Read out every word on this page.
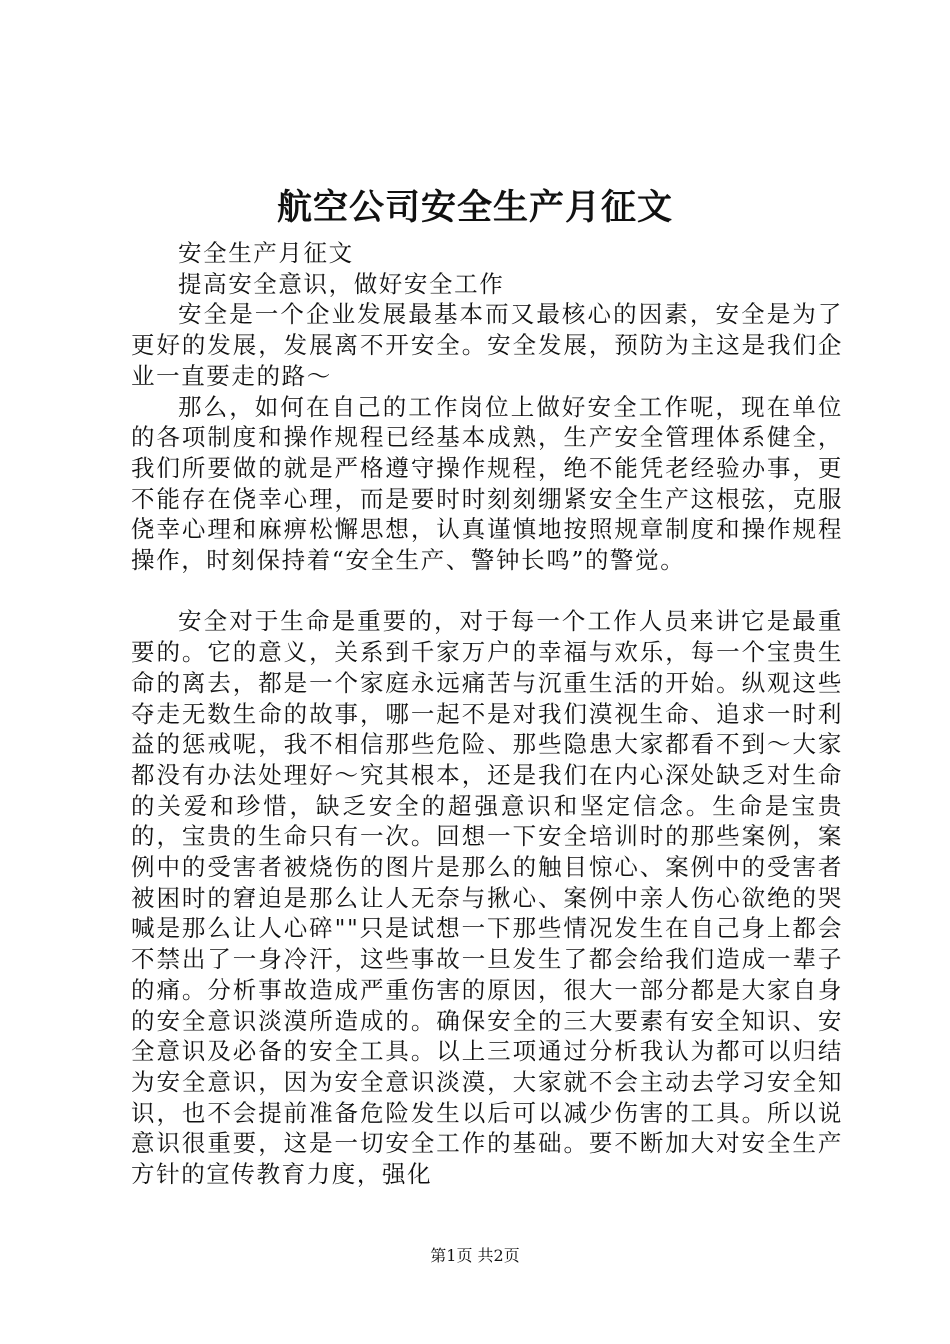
航空公司安全生产月征文

安全生产月征文

提高安全意识，做好安全工作

安全是一个企业发展最基本而又最核心的因素，安全是为了更好的发展，发展离不开安全。安全发展，预防为主这是我们企业一直要走的路～

那么，如何在自己的工作岗位上做好安全工作呢，现在单位的各项制度和操作规程已经基本成熟，生产安全管理体系健全，我们所要做的就是严格遵守操作规程，绝不能凭老经验办事，更不能存在侥幸心理，而是要时时刻刻绷紧安全生产这根弦，克服侥幸心理和麻痹松懈思想，认真谨慎地按照规章制度和操作规程操作，时刻保持着“安全生产、警钟长鸣”的警觉。

安全对于生命是重要的，对于每一个工作人员来讲它是最重要的。它的意义，关系到千家万户的幸福与欢乐，每一个宝贵生命的离去，都是一个家庭永远痛苦与沉重生活的开始。纵观这些夺走无数生命的故事，哪一起不是对我们漠视生命、追求一时利益的惩戒呢，我不相信那些危险、那些隐患大家都看不到～大家都没有办法处理好～究其根本，还是我们在内心深处缺乏对生命的关爱和珍惜，缺乏安全的超强意识和坚定信念。生命是宝贵的，宝贵的生命只有一次。回想一下安全培训时的那些案例，案例中的受害者被烧伤的图片是那么的触目惊心、案例中的受害者被困时的窘迫是那么让人无奈与揪心、案例中亲人伤心欲绝的哭喊是那么让人心碎""只是试想一下那些情况发生在自己身上都会不禁出了一身冷汗，这些事故一旦发生了都会给我们造成一辈子的痛。分析事故造成严重伤害的原因，很大一部分都是大家自身的安全意识淡漠所造成的。确保安全的三大要素有安全知识、安全意识及必备的安全工具。以上三项通过分析我认为都可以归结为安全意识，因为安全意识淡漠，大家就不会主动去学习安全知识，也不会提前准备危险发生以后可以减少伤害的工具。所以说意识很重要，这是一切安全工作的基础。要不断加大对安全生产方针的宣传教育力度，强化

第1页 共2页
